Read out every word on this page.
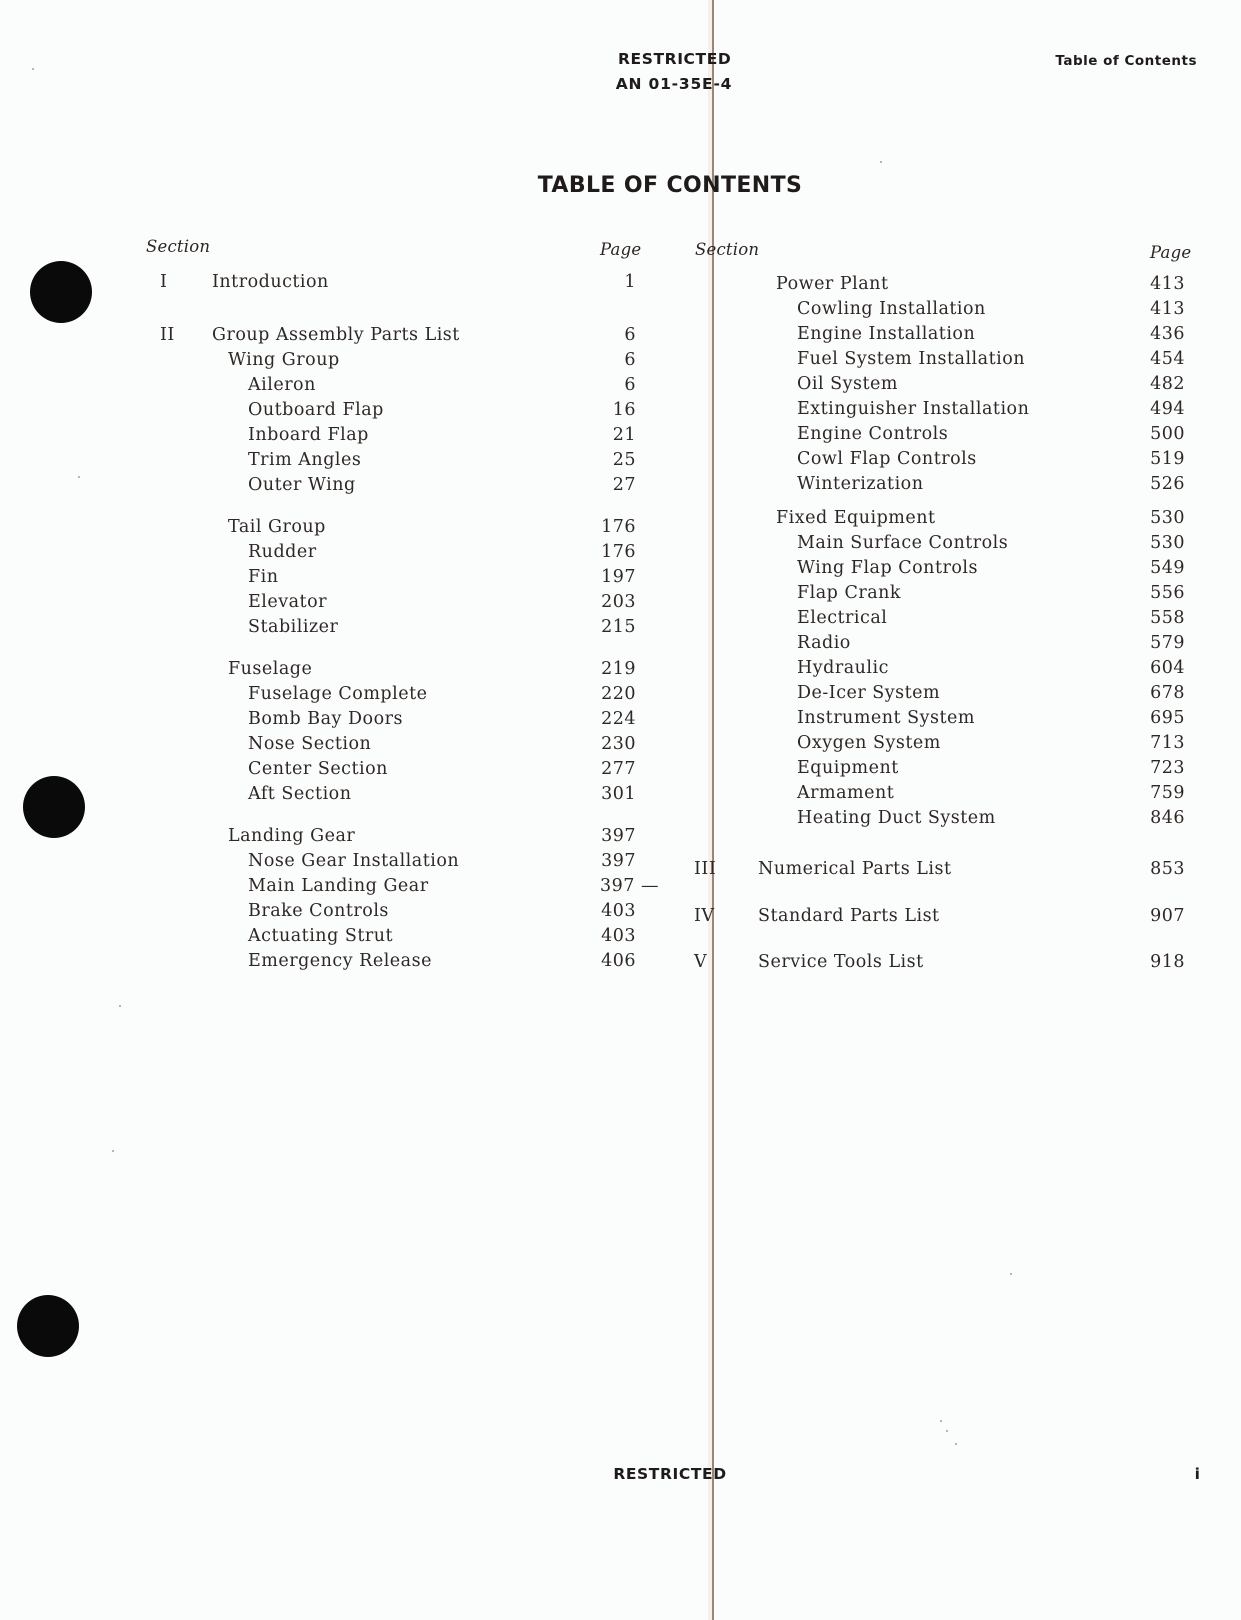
RESTRICTED
AN 01-35E-4
Table of Contents
TABLE OF CONTENTS
Section	Page	Section	Page
I	Introduction	1
II Group Assembly Parts List	6
Wing Group	6
Aileron	6
Outboard Flap	16
Inboard Flap	21
Trim Angles	25
Outer Wing	27
Tail Group	176
Rudder	176
Fin	197
Elevator	203
Stabilizer	215
Fuselage	219
Fuselage Complete	220
Bomb Bay Doors	224
Nose Section	230
Center Section	277
Aft Section	301
Landing Gear	397
Nose Gear Installation	397
Main Landing Gear	397 —
Brake Controls	403
Actuating Strut	403
Emergency Release	406
Power Plant	413
Cowling Installation	413
Engine Installation	436
Fuel System Installation	454
Oil System	482
Extinguisher Installation	494
Engine Controls	500
Cowl Flap Controls	519
Winterization	526
Fixed Equipment	530
Main Surface Controls	530
Wing Flap Controls	549
Flap Crank	556
Electrical	558
Radio	579
Hydraulic	604
De-Icer System	678
Instrument System	695
Oxygen System	713
Equipment	723
Armament	759
Heating Duct System	846
III Numerical Parts List	853
IV Standard Parts List	907
V	Service Tools List	918
RESTRICTED	i
